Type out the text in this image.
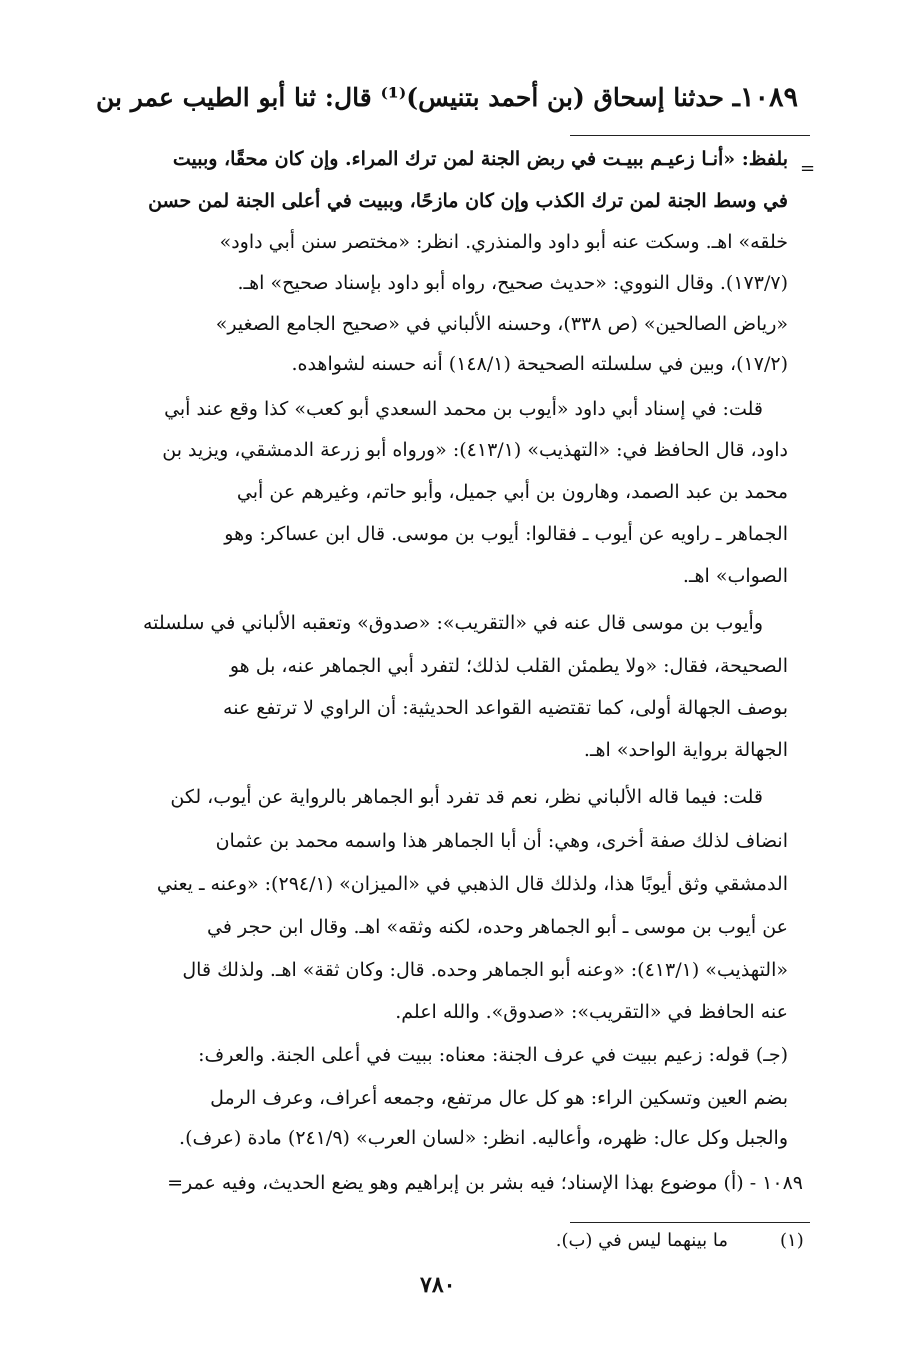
١٠٨٩ـ حدثنا إسحاق (بن أحمد بتنيس)⁽¹⁾ قال: ثنا أبو الطيب عمر بن
=
بلفظ: «أنـا زعيـم ببيـت في ربض الجنة لمن ترك المراء. وإن كان محقًا، وببيت
في وسط الجنة لمن ترك الكذب وإن كان مازحًا، وببيت في أعلى الجنة لمن حسن
خلقه» اهـ. وسكت عنه أبو داود والمنذري. انظر: «مختصر سنن أبي داود»
(١٧٣/٧). وقال النووي: «حديث صحيح، رواه أبو داود بإسناد صحيح» اهـ.
«رياض الصالحين» (ص ٣٣٨)، وحسنه الألباني في «صحيح الجامع الصغير»
(١٧/٢)، وبين في سلسلته الصحيحة (١٤٨/١) أنه حسنه لشواهده.
قلت: في إسناد أبي داود «أيوب بن محمد السعدي أبو كعب» كذا وقع عند أبي
داود، قال الحافظ في: «التهذيب» (٤١٣/١): «ورواه أبو زرعة الدمشقي، ويزيد بن
محمد بن عبد الصمد، وهارون بن أبي جميل، وأبو حاتم، وغيرهم عن أبي
الجماهر ـ راويه عن أيوب ـ فقالوا: أيوب بن موسى. قال ابن عساكر: وهو
الصواب» اهـ.
وأيوب بن موسى قال عنه في «التقريب»: «صدوق» وتعقبه الألباني في سلسلته
الصحيحة، فقال: «ولا يطمئن القلب لذلك؛ لتفرد أبي الجماهر عنه، بل هو
بوصف الجهالة أولى، كما تقتضيه القواعد الحديثية: أن الراوي لا ترتفع عنه
الجهالة برواية الواحد» اهـ.
قلت: فيما قاله الألباني نظر، نعم قد تفرد أبو الجماهر بالرواية عن أيوب، لكن
انضاف لذلك صفة أخرى، وهي: أن أبا الجماهر هذا واسمه محمد بن عثمان
الدمشقي وثق أيوبًا هذا، ولذلك قال الذهبي في «الميزان» (٢٩٤/١): «وعنه ـ يعني
عن أيوب بن موسى ـ أبو الجماهر وحده، لكنه وثقه» اهـ. وقال ابن حجر في
«التهذيب» (٤١٣/١): «وعنه أبو الجماهر وحده. قال: وكان ثقة» اهـ. ولذلك قال
عنه الحافظ في «التقريب»: «صدوق». والله اعلم.
(جـ) قوله: زعيم ببيت في عرف الجنة: معناه: ببيت في أعلى الجنة. والعرف:
بضم العين وتسكين الراء: هو كل عال مرتفع، وجمعه أعراف، وعرف الرمل
والجبل وكل عال: ظهره، وأعاليه. انظر: «لسان العرب» (٢٤١/٩) مادة (عرف).
١٠٨٩ - (أ) موضوع بهذا الإسناد؛ فيه بشر بن إبراهيم وهو يضع الحديث، وفيه عمر=
(١)
ما بينهما ليس في (ب).
٧٨٠
